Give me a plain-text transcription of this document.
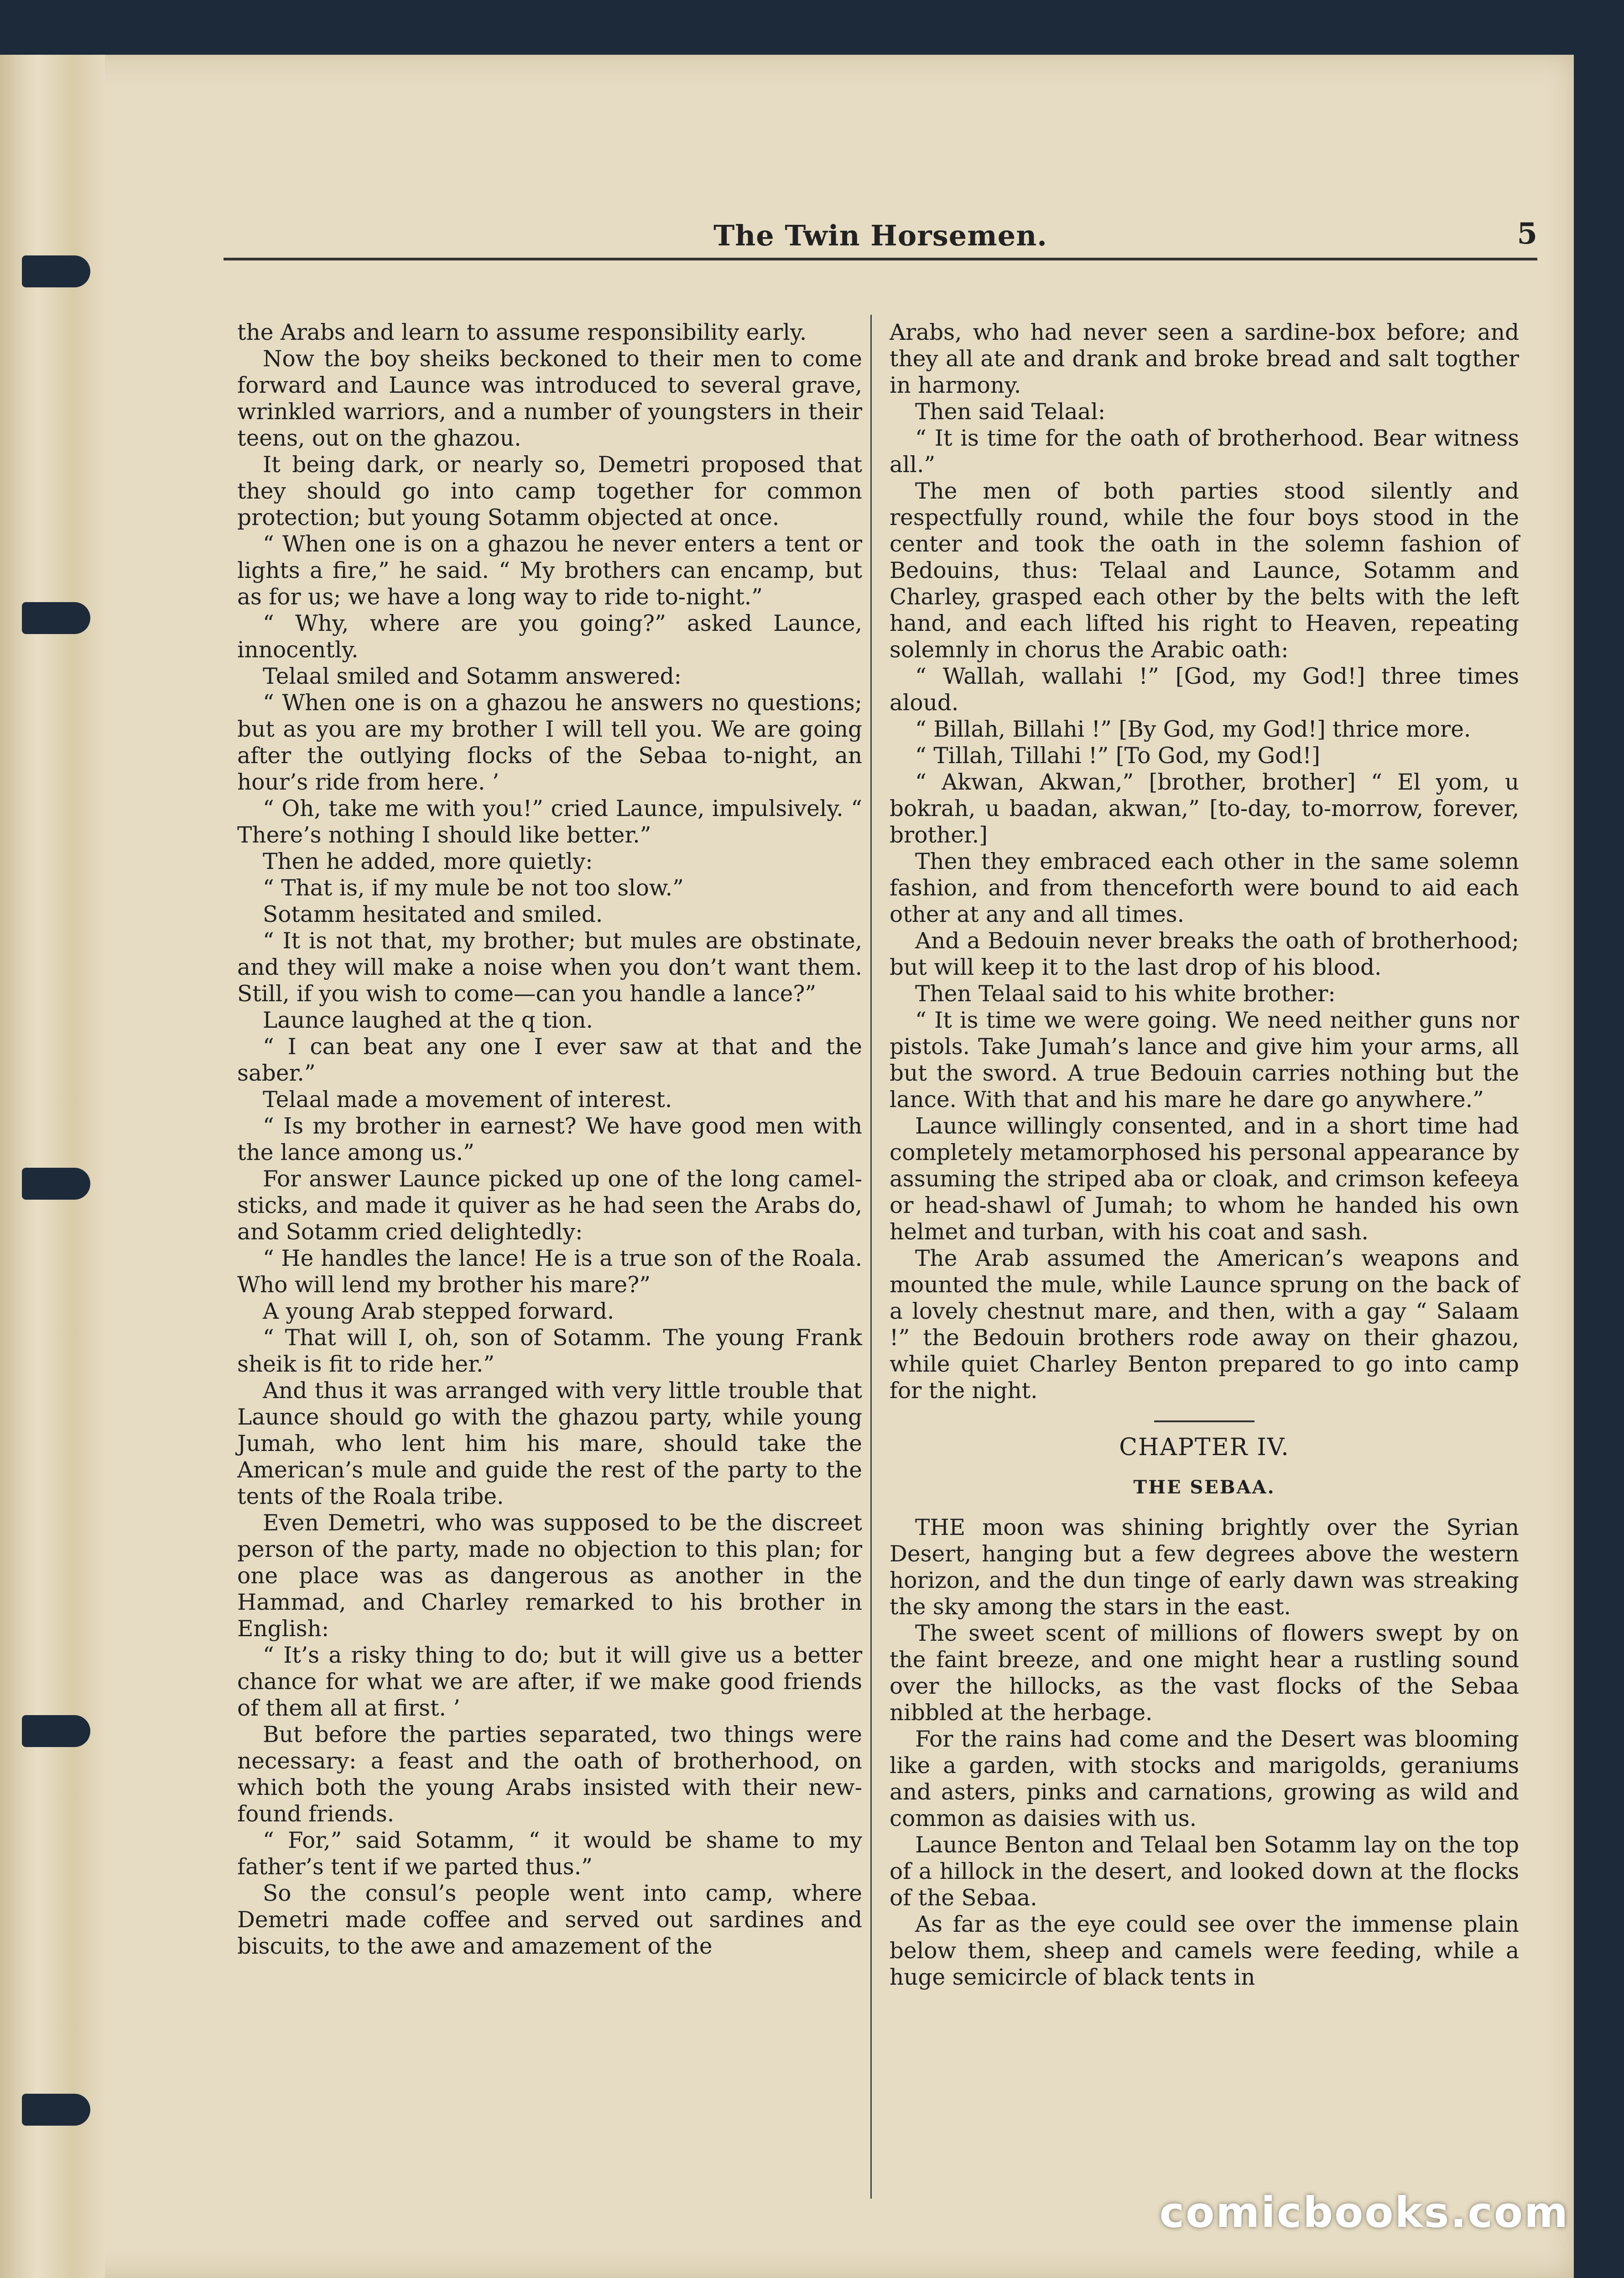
The Twin Horsemen.	5

the Arabs and learn to assume responsibility early.

Now the boy sheiks beckoned to their men to come forward and Launce was introduced to several grave, wrinkled warriors, and a number of youngsters in their teens, out on the ghazou.

It being dark, or nearly so, Demetri proposed that they should go into camp together for common protection; but young Sotamm objected at once.

“ When one is on a ghazou he never enters a tent or lights a fire,” he said. “ My brothers can encamp, but as for us; we have a long way to ride to-night.”

“ Why, where are you going?” asked Launce, innocently.

Telaal smiled and Sotamm answered:

“ When one is on a ghazou he answers no questions; but as you are my brother I will tell you. We are going after the outlying flocks of the Sebaa to-night, an hour’s ride from here. ’

“ Oh, take me with you!” cried Launce, impulsively. “ There’s nothing I should like better.”

Then he added, more quietly:

“ That is, if my mule be not too slow.”

Sotamm hesitated and smiled.

“ It is not that, my brother; but mules are obstinate, and they will make a noise when you don’t want them. Still, if you wish to come—can you handle a lance?”

Launce laughed at the q tion.

“ I can beat any one I ever saw at that and the saber.”

Telaal made a movement of interest.

“ Is my brother in earnest? We have good men with the lance among us.”

For answer Launce picked up one of the long camel-sticks, and made it quiver as he had seen the Arabs do, and Sotamm cried delightedly:

“ He handles the lance! He is a true son of the Roala. Who will lend my brother his mare?”

A young Arab stepped forward.

“ That will I, oh, son of Sotamm. The young Frank sheik is fit to ride her.”

And thus it was arranged with very little trouble that Launce should go with the ghazou party, while young Jumah, who lent him his mare, should take the American’s mule and guide the rest of the party to the tents of the Roala tribe.

Even Demetri, who was supposed to be the discreet person of the party, made no objection to this plan; for one place was as dangerous as another in the Hammad, and Charley remarked to his brother in English:

“ It’s a risky thing to do; but it will give us a better chance for what we are after, if we make good friends of them all at first. ’

But before the parties separated, two things were necessary: a feast and the oath of brotherhood, on which both the young Arabs insisted with their new-found friends.

“ For,” said Sotamm, “ it would be shame to my father’s tent if we parted thus.”

So the consul’s people went into camp, where Demetri made coffee and served out sardines and biscuits, to the awe and amazement of the

Arabs, who had never seen a sardine-box before; and they all ate and drank and broke bread and salt togther in harmony.

Then said Telaal:

“ It is time for the oath of brotherhood. Bear witness all.”

The men of both parties stood silently and respectfully round, while the four boys stood in the center and took the oath in the solemn fashion of Bedouins, thus: Telaal and Launce, Sotamm and Charley, grasped each other by the belts with the left hand, and each lifted his right to Heaven, repeating solemnly in chorus the Arabic oath:

“ Wallah, wallahi !” [God, my God!] three times aloud.

“ Billah, Billahi !” [By God, my God!] thrice more.

“ Tillah, Tillahi !” [To God, my God!]

“ Akwan, Akwan,” [brother, brother] “ El yom, u bokrah, u baadan, akwan,” [to-day, to-morrow, forever, brother.]

Then they embraced each other in the same solemn fashion, and from thenceforth were bound to aid each other at any and all times.

And a Bedouin never breaks the oath of brotherhood; but will keep it to the last drop of his blood.

Then Telaal said to his white brother:

“ It is time we were going. We need neither guns nor pistols. Take Jumah’s lance and give him your arms, all but the sword. A true Bedouin carries nothing but the lance. With that and his mare he dare go anywhere.”

Launce willingly consented, and in a short time had completely metamorphosed his personal appearance by assuming the striped aba or cloak, and crimson kefeeya or head-shawl of Jumah; to whom he handed his own helmet and turban, with his coat and sash.

The Arab assumed the American’s weapons and mounted the mule, while Launce sprung on the back of a lovely chestnut mare, and then, with a gay “ Salaam !” the Bedouin brothers rode away on their ghazou, while quiet Charley Benton prepared to go into camp for the night.

CHAPTER IV.
THE SEBAA.

THE moon was shining brightly over the Syrian Desert, hanging but a few degrees above the western horizon, and the dun tinge of early dawn was streaking the sky among the stars in the east.

The sweet scent of millions of flowers swept by on the faint breeze, and one might hear a rustling sound over the hillocks, as the vast flocks of the Sebaa nibbled at the herbage.

For the rains had come and the Desert was blooming like a garden, with stocks and marigolds, geraniums and asters, pinks and carnations, growing as wild and common as daisies with us.

Launce Benton and Telaal ben Sotamm lay on the top of a hillock in the desert, and looked down at the flocks of the Sebaa.

As far as the eye could see over the immense plain below them, sheep and camels were feeding, while a huge semicircle of black tents in

comicbooks.com
